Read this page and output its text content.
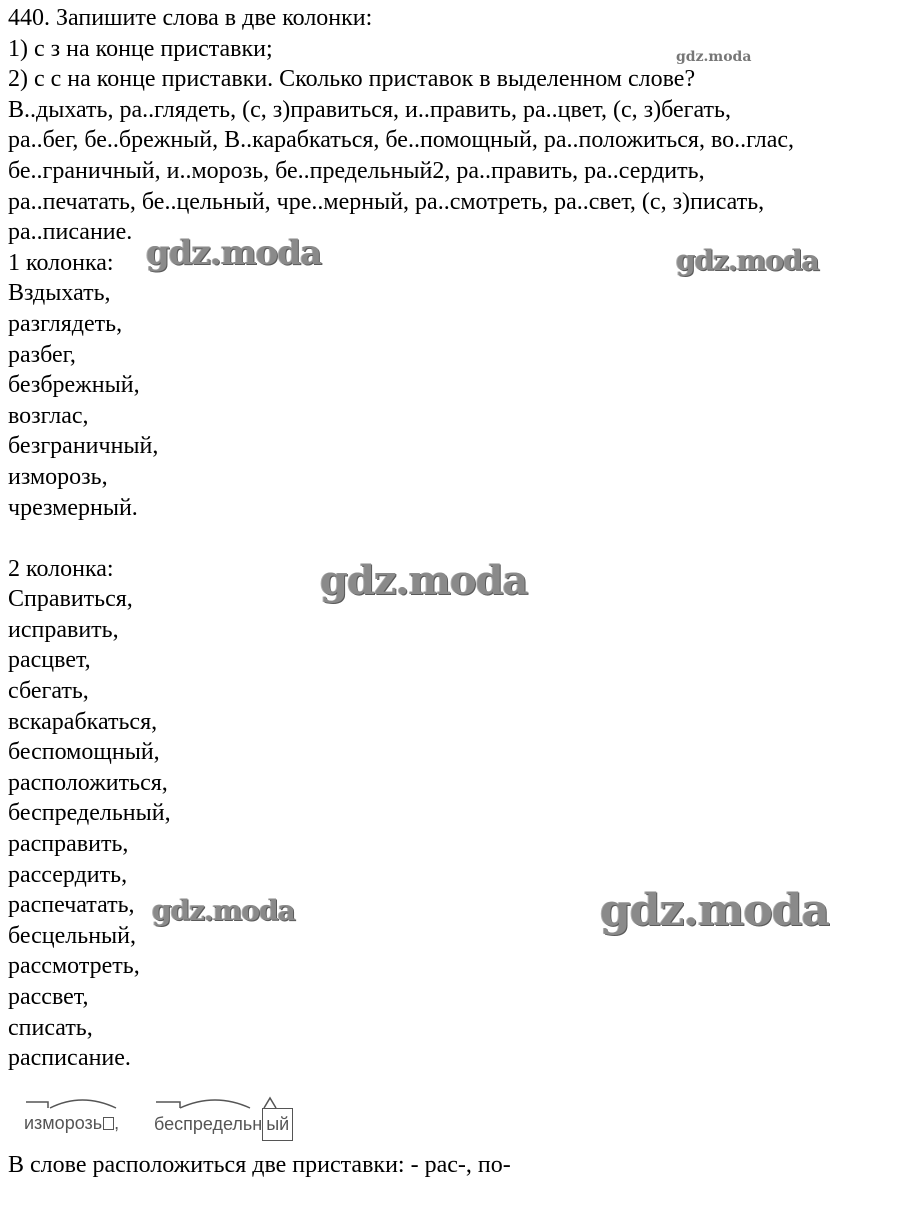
440. Запишите слова в две колонки:
1) с з на конце приставки;
2) с с на конце приставки. Сколько приставок в выделенном слове?
В..дыхать, ра..глядеть, (с, з)правиться, и..править, ра..цвет, (с, з)бегать,
ра..бег, бе..брежный, В..карабкаться, бе..помощный, ра..положиться, во..глас,
бе..граничный, и..морозь, бе..предельный2, ра..править, ра..сердить,
ра..печатать, бе..цельный, чре..мерный, ра..смотреть, ра..свет, (с, з)писать,
ра..писание.
1 колонка:
Вздыхать,
разглядеть,
разбег,
безбрежный,
возглас,
безграничный,
изморозь,
чрезмерный.
2 колонка:
Справиться,
исправить,
расцвет,
сбегать,
вскарабкаться,
беспомощный,
расположиться,
беспредельный,
расправить,
рассердить,
распечатать,
бесцельный,
рассмотреть,
рассвет,
списать,
расписание.
изморозь , беспредельн ый
В слове расположиться две приставки: - рас-, по-
gdz.moda
gdz.moda	gdz.moda
gdz.moda
gdz.moda	gdz.moda
